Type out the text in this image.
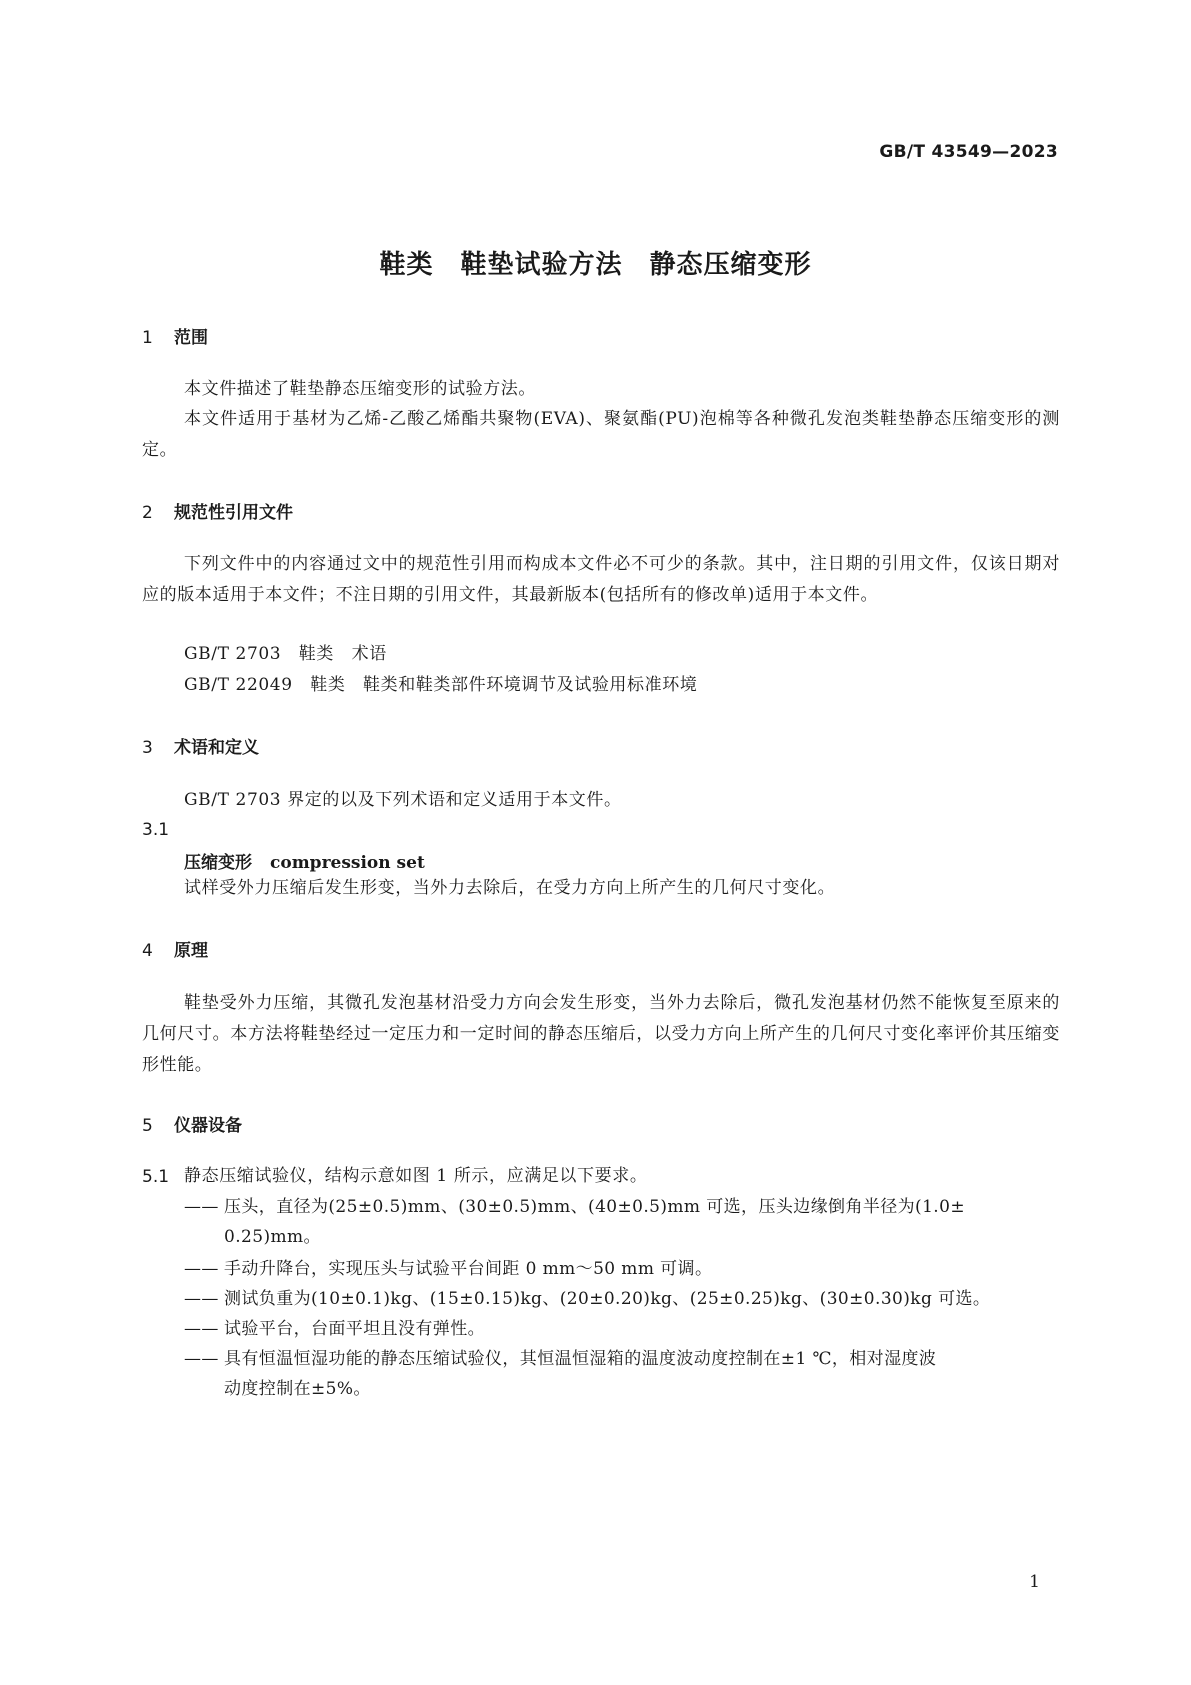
GB/T 43549—2023
鞋类　鞋垫试验方法　静态压缩变形
1 范围
本文件描述了鞋垫静态压缩变形的试验方法。
本文件适用于基材为乙烯-乙酸乙烯酯共聚物(EVA)、聚氨酯(PU)泡棉等各种微孔发泡类鞋垫静态压缩变形的测定。
2 规范性引用文件
下列文件中的内容通过文中的规范性引用而构成本文件必不可少的条款。其中，注日期的引用文件，仅该日期对应的版本适用于本文件；不注日期的引用文件，其最新版本(包括所有的修改单)适用于本文件。
GB/T 2703　鞋类　术语
GB/T 22049　鞋类　鞋类和鞋类部件环境调节及试验用标准环境
3 术语和定义
GB/T 2703 界定的以及下列术语和定义适用于本文件。
3.1
压缩变形 compression set
试样受外力压缩后发生形变，当外力去除后，在受力方向上所产生的几何尺寸变化。
4 原理
鞋垫受外力压缩，其微孔发泡基材沿受力方向会发生形变，当外力去除后，微孔发泡基材仍然不能恢复至原来的几何尺寸。本方法将鞋垫经过一定压力和一定时间的静态压缩后，以受力方向上所产生的几何尺寸变化率评价其压缩变形性能。
5 仪器设备
5.1 静态压缩试验仪，结构示意如图 1 所示，应满足以下要求。
—— 压头，直径为(25±0.5)mm、(30±0.5)mm、(40±0.5)mm 可选，压头边缘倒角半径为(1.0±
0.25)mm。
—— 手动升降台，实现压头与试验平台间距 0 mm～50 mm 可调。
—— 测试负重为(10±0.1)kg、(15±0.15)kg、(20±0.20)kg、(25±0.25)kg、(30±0.30)kg 可选。
—— 试验平台，台面平坦且没有弹性。
—— 具有恒温恒湿功能的静态压缩试验仪，其恒温恒湿箱的温度波动度控制在±1 ℃，相对湿度波
动度控制在±5%。
1
